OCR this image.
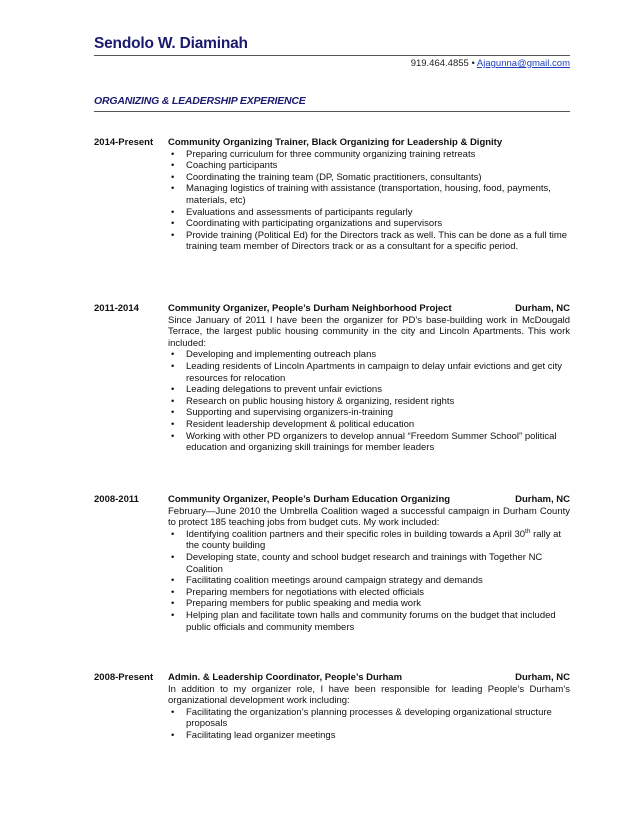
Sendolo W. Diaminah
919.464.4855 • Ajagunna@gmail.com
ORGANIZING & LEADERSHIP EXPERIENCE
2014-Present Community Organizing Trainer, Black Organizing for Leadership & Dignity
• Preparing curriculum for three community organizing training retreats
• Coaching participants
• Coordinating the training team (DP, Somatic practitioners, consultants)
• Managing logistics of training with assistance (transportation, housing, food, payments, materials, etc)
• Evaluations and assessments of participants regularly
• Coordinating with participating organizations and supervisors
• Provide training (Political Ed) for the Directors track as well. This can be done as a full time training team member of Directors track or as a consultant for a specific period.
2011-2014	Community Organizer, People’s Durham Neighborhood Project	Durham, NC

Since January of 2011 I have been the organizer for PD’s base-building work in McDougald Terrace, the largest public housing community in the city and Lincoln Apartments. This work included:

• Developing and implementing outreach plans
• Leading residents of Lincoln Apartments in campaign to delay unfair evictions and get city resources for relocation
• Leading delegations to prevent unfair evictions
• Research on public housing history & organizing, resident rights
• Supporting and supervising organizers-in-training
• Resident leadership development & political education
• Working with other PD organizers to develop annual “Freedom Summer School” political education and organizing skill trainings for member leaders
2008-2011	Community Organizer, People’s Durham Education Organizing	Durham, NC

February—June 2010 the Umbrella Coalition waged a successful campaign in Durham County to protect 185 teaching jobs from budget cuts. My work included:

• Identifying coalition partners and their specific roles in building towards a April 30th rally at the county building
• Developing state, county and school budget research and trainings with Together NC Coalition
• Facilitating coalition meetings around campaign strategy and demands
• Preparing members for negotiations with elected officials
• Preparing members for public speaking and media work
• Helping plan and facilitate town halls and community forums on the budget that included public officials and community members
2008-Present Admin. & Leadership Coordinator, People’s Durham	Durham, NC

In addition to my organizer role, I have been responsible for leading People’s Durham’s organizational development work including:

• Facilitating the organization’s planning processes & developing organizational structure proposals
• Facilitating lead organizer meetings
